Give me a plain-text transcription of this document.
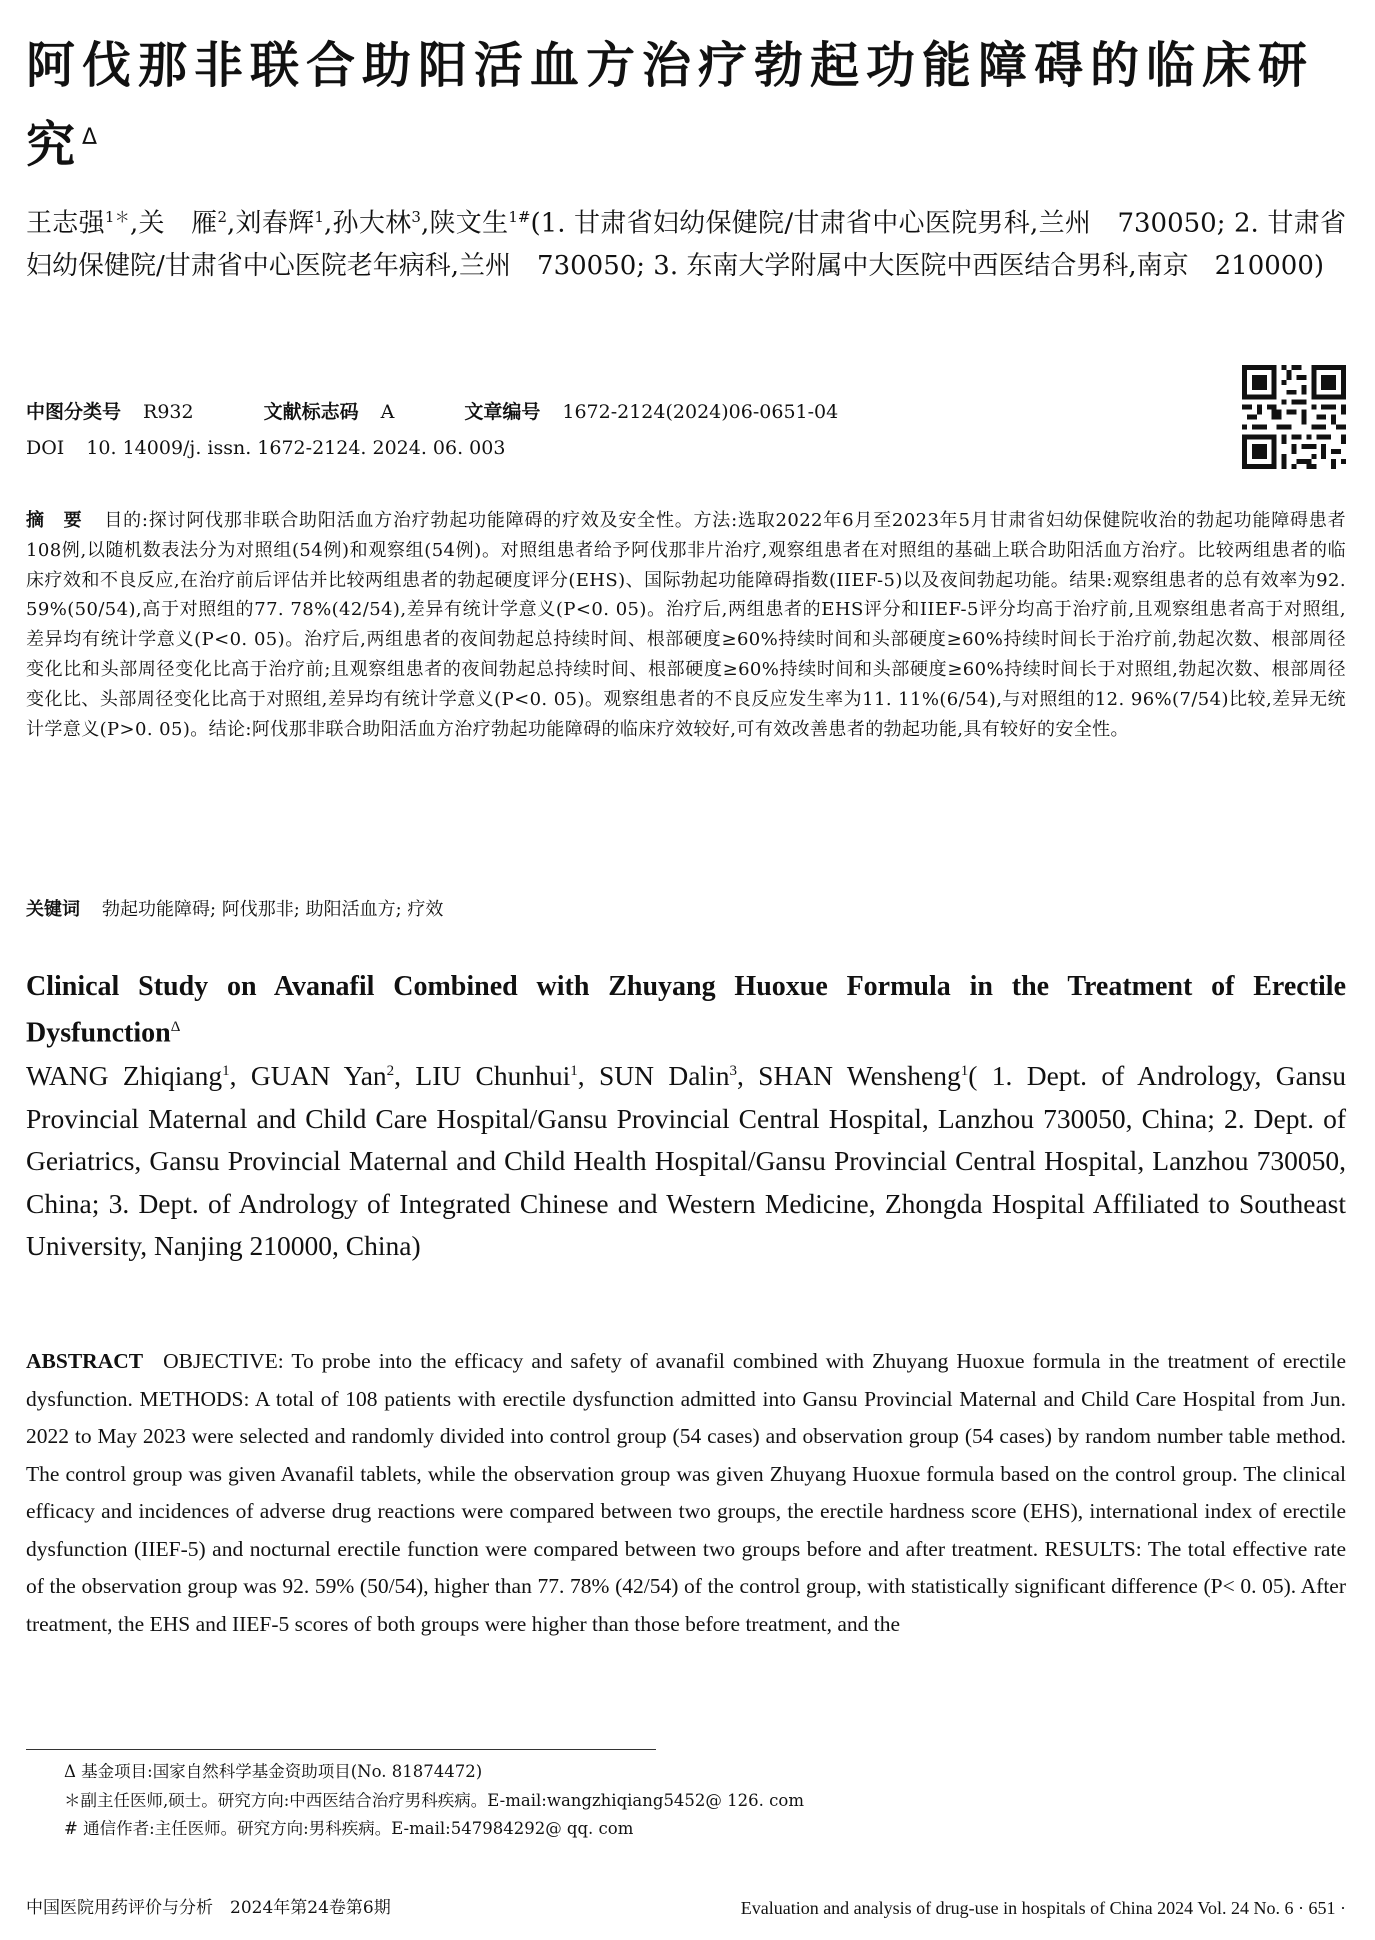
阿伐那非联合助阳活血方治疗勃起功能障碍的临床研究$^\Delta$
王志强$^{1*}$,关　雁$^2$,刘春辉$^1$,孙大林$^3$,陕文生$^{1\#}$(1. 甘肃省妇幼保健院/甘肃省中心医院男科,兰州　730050; 2. 甘肃省妇幼保健院/甘肃省中心医院老年病科,兰州　730050; 3. 东南大学附属中大医院中西医结合男科,南京　210000)
中图分类号 R932	文献标志码 A	文章编号 1672-2124(2024)06-0651-04
DOI 10. 14009/j. issn. 1672-2124. 2024. 06. 003
摘　要 目的:探讨阿伐那非联合助阳活血方治疗勃起功能障碍的疗效及安全性。方法:选取2022年6月至2023年5月甘肃省妇幼保健院收治的勃起功能障碍患者108例,以随机数表法分为对照组(54例)和观察组(54例)。对照组患者给予阿伐那非片治疗,观察组患者在对照组的基础上联合助阳活血方治疗。比较两组患者的临床疗效和不良反应,在治疗前后评估并比较两组患者的勃起硬度评分(EHS)、国际勃起功能障碍指数(IIEF-5)以及夜间勃起功能。结果:观察组患者的总有效率为92. 59%(50/54),高于对照组的77. 78%(42/54),差异有统计学意义(P<0. 05)。治疗后,两组患者的EHS评分和IIEF-5评分均高于治疗前,且观察组患者高于对照组,差异均有统计学意义(P<0. 05)。治疗后,两组患者的夜间勃起总持续时间、根部硬度≥60%持续时间和头部硬度≥60%持续时间长于治疗前,勃起次数、根部周径变化比和头部周径变化比高于治疗前;且观察组患者的夜间勃起总持续时间、根部硬度≥60%持续时间和头部硬度≥60%持续时间长于对照组,勃起次数、根部周径变化比、头部周径变化比高于对照组,差异均有统计学意义(P<0. 05)。观察组患者的不良反应发生率为11. 11%(6/54),与对照组的12. 96%(7/54)比较,差异无统计学意义(P>0. 05)。结论:阿伐那非联合助阳活血方治疗勃起功能障碍的临床疗效较好,可有效改善患者的勃起功能,具有较好的安全性。
关键词 勃起功能障碍; 阿伐那非; 助阳活血方; 疗效
Clinical Study on Avanafil Combined with Zhuyang Huoxue Formula in the Treatment of Erectile Dysfunction$^\Delta$
WANG Zhiqiang$^1$, GUAN Yan$^2$, LIU Chunhui$^1$, SUN Dalin$^3$, SHAN Wensheng$^1$( 1. Dept. of Andrology, Gansu Provincial Maternal and Child Care Hospital/Gansu Provincial Central Hospital, Lanzhou 730050, China; 2. Dept. of Geriatrics, Gansu Provincial Maternal and Child Health Hospital/Gansu Provincial Central Hospital, Lanzhou 730050, China; 3. Dept. of Andrology of Integrated Chinese and Western Medicine, Zhongda Hospital Affiliated to Southeast University, Nanjing 210000, China)
ABSTRACT OBJECTIVE: To probe into the efficacy and safety of avanafil combined with Zhuyang Huoxue formula in the treatment of erectile dysfunction. METHODS: A total of 108 patients with erectile dysfunction admitted into Gansu Provincial Maternal and Child Care Hospital from Jun. 2022 to May 2023 were selected and randomly divided into control group (54 cases) and observation group (54 cases) by random number table method. The control group was given Avanafil tablets, while the observation group was given Zhuyang Huoxue formula based on the control group. The clinical efficacy and incidences of adverse drug reactions were compared between two groups, the erectile hardness score (EHS), international index of erectile dysfunction (IIEF-5) and nocturnal erectile function were compared between two groups before and after treatment. RESULTS: The total effective rate of the observation group was 92. 59% (50/54), higher than 77. 78% (42/54) of the control group, with statistically significant difference (P< 0. 05). After treatment, the EHS and IIEF-5 scores of both groups were higher than those before treatment, and the
Δ 基金项目:国家自然科学基金资助项目(No. 81874472)
＊副主任医师,硕士。研究方向:中西医结合治疗男科疾病。E-mail:wangzhiqiang5452@ 126. com
# 通信作者:主任医师。研究方向:男科疾病。E-mail:547984292@ qq. com
中国医院用药评价与分析　2024年第24卷第6期	Evaluation and analysis of drug-use in hospitals of China 2024 Vol. 24 No. 6 · 651 ·
